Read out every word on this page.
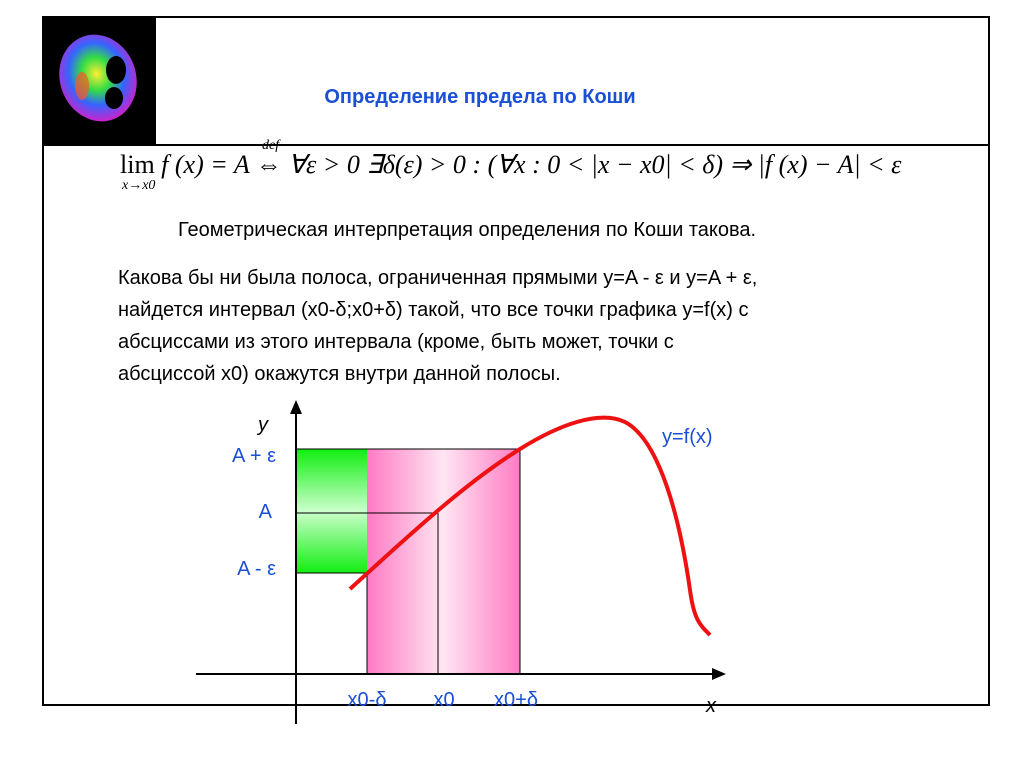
Определение предела по Коши
lim
x→x0

def
f (x) = A ⇔ ∀ε > 0 ∃δ(ε) > 0 : (∀x : 0 < |x − x0| < δ) ⇒ |f (x) − A| < ε
Геометрическая интерпретация определения по Коши такова.
Какова бы ни была полоса, ограниченная прямыми y=A - ε и y=A + ε,
найдется интервал (x0-δ;x0+δ) такой, что все точки графика y=f(x) с
абсциссами из этого интервала (кроме, быть может, точки с
абсциссой x0) окажутся внутри данной полосы.
y
x
y=f(x)
A + ε
A
A - ε
x0-δ x0 x0+δ
